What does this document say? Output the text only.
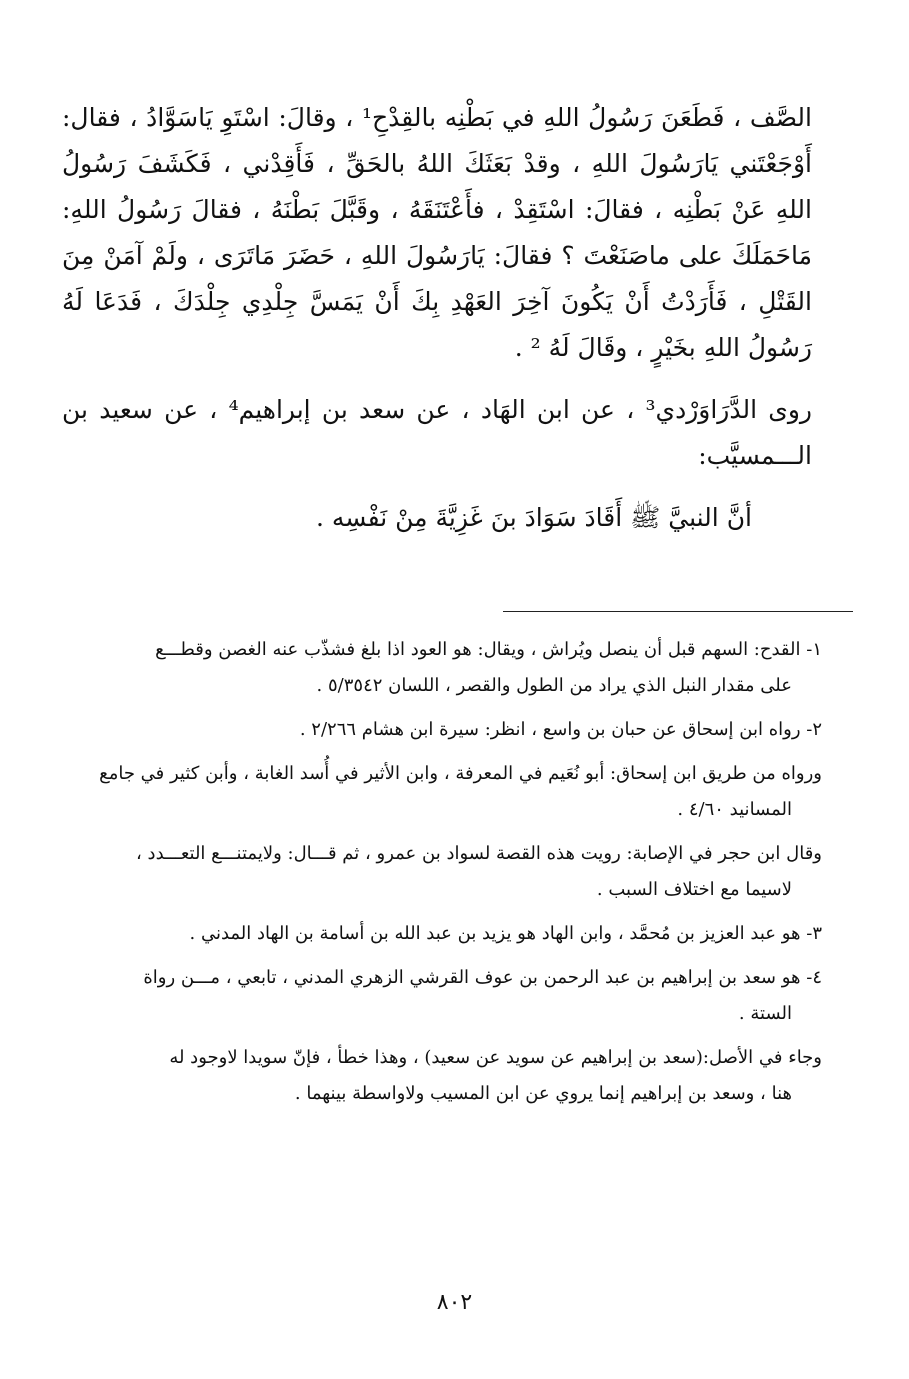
الصَّف ، فَطَعَنَ رَسُولُ اللهِ في بَطْنِه بالقِدْحِ¹ ، وقالَ: اسْتَوِ يَاسَوَّادُ ، فقال: أَوْجَعْتَني يَارَسُولَ اللهِ ، وقدْ بَعَثَكَ اللهُ بالحَقِّ ، فَأَقِدْني ، فَكَشَفَ رَسُولُ اللهِ عَنْ بَطْنِه ، فقالَ: اسْتَقِدْ ، فأَعْتَنَقَهُ ، وقَبَّلَ بَطْنَهُ ، فقالَ رَسُولُ اللهِ: مَاحَمَلَكَ على ماصَنَعْتَ ؟ فقالَ: يَارَسُولَ اللهِ ، حَضَرَ مَاتَرَى ، ولَمْ آمَنْ مِنَ القَتْلِ ، فَأَرَدْتُ أَنْ يَكُونَ آخِرَ العَهْدِ بِكَ أَنْ يَمَسَّ جِلْدِي جِلْدَكَ ، فَدَعَا لَهُ رَسُولُ اللهِ بخَيْرٍ ، وقَالَ لَهُ ² .

روى الدَّرَاوَرْدي³ ، عن ابن الهَاد ، عن سعد بن إبراهيم⁴ ، عن سعيد بن الـــمسيَّب:

أنَّ النبيَّ ﷺ أَقَادَ سَوَادَ بنَ غَزِيَّةَ مِنْ نَفْسِه .

١- القدح: السهم قبل أن ينصل ويُراش ، ويقال: هو العود اذا بلغ فشذّب عنه الغصن وقطـــع
على مقدار النبل الذي يراد من الطول والقصر ، اللسان ٥/٣٥٤٢ .

٢- رواه ابن إسحاق عن حبان بن واسع ، انظر: سيرة ابن هشام ٢/٢٦٦ .

ورواه من طريق ابن إسحاق: أبو نُعَيم في المعرفة ، وابن الأثير في أُسد الغابة ، وأبن كثير في جامع
المسانيد ٤/٦٠ .

وقال ابن حجر في الإصابة: رويت هذه القصة لسواد بن عمرو ، ثم قـــال: ولايمتنـــع التعـــدد ،
لاسيما مع اختلاف السبب .

٣- هو عبد العزيز بن مُحمَّد ، وابن الهاد هو يزيد بن عبد الله بن أسامة بن الهاد المدني .

٤- هو سعد بن إبراهيم بن عبد الرحمن بن عوف القرشي الزهري المدني ، تابعي ، مـــن رواة
الستة .

وجاء في الأصل:(سعد بن إبراهيم عن سويد عن سعيد) ، وهذا خطأ ، فإنّ سويدا لاوجود له
هنا ، وسعد بن إبراهيم إنما يروي عن ابن المسيب ولاواسطة بينهما .

٨٠٢
